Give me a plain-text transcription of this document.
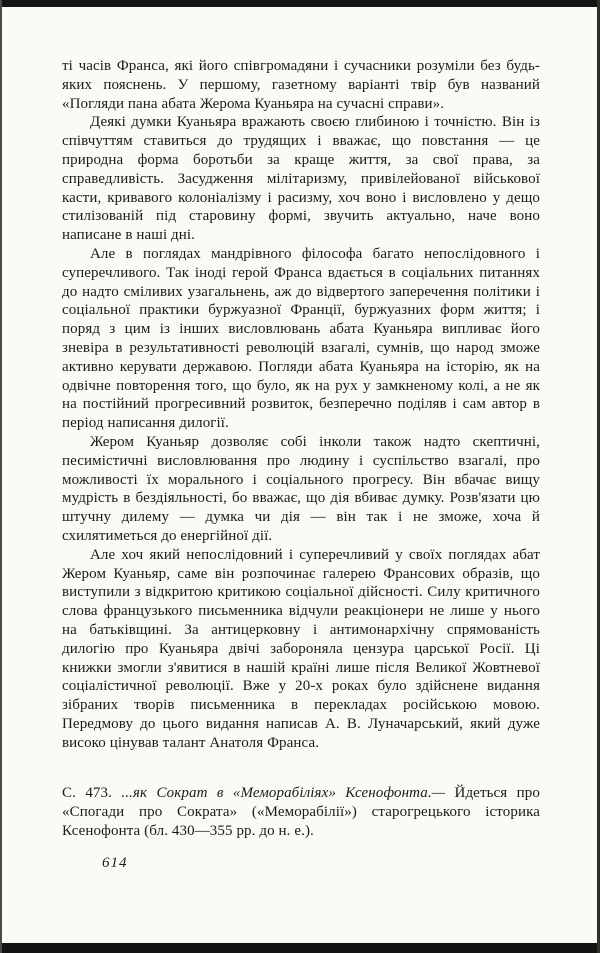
ті часів Франса, які його співгромадяни і сучасники розуміли без будь-яких пояснень. У першому, газетному варіанті твір був названий «Погляди пана абата Жерома Куаньяра на сучасні справи».

Деякі думки Куаньяра вражають своєю глибиною і точністю. Він із співчуттям ставиться до трудящих і вважає, що повстання — це природна форма боротьби за краще життя, за свої права, за справедливість. Засудження мілітаризму, привілейованої військової касти, кривавого колоніалізму і расизму, хоч воно і висловлено у дещо стилізованій під старовину формі, звучить актуально, наче воно написане в наші дні.

Але в поглядах мандрівного філософа багато непослідовного і суперечливого. Так іноді герой Франса вдається в соціальних питаннях до надто сміливих узагальнень, аж до відвертого заперечення політики і соціальної практики буржуазної Франції, буржуазних форм життя; і поряд з цим із інших висловлювань абата Куаньяра випливає його зневіра в результативності революцій взагалі, сумнів, що народ зможе активно керувати державою. Погляди абата Куаньяра на історію, як на одвічне повторення того, що було, як на рух у замкненому колі, а не як на постійний прогресивний розвиток, безперечно поділяв і сам автор в період написання дилогії.

Жером Куаньяр дозволяє собі інколи також надто скептичні, песимістичні висловлювання про людину і суспільство взагалі, про можливості їх морального і соціального прогресу. Він вбачає вищу мудрість в бездіяльності, бо вважає, що дія вбиває думку. Розв'язати цю штучну дилему — думка чи дія — він так і не зможе, хоча й схилятиметься до енергійної дії.

Але хоч який непослідовний і суперечливий у своїх поглядах абат Жером Куаньяр, саме він розпочинає галерею Франсових образів, що виступили з відкритою критикою соціальної дійсності. Силу критичного слова французького письменника відчули реакціонери не лише у нього на батьківщині. За антицерковну і антимонархічну спрямованість дилогію про Куаньяра двічі забороняла цензура царської Росії. Ці книжки змогли з'явитися в нашій країні лише після Великої Жовтневої соціалістичної революції. Вже у 20-х роках було здійснене видання зібраних творів письменника в перекладах російською мовою. Передмову до цього видання написав А. В. Луначарський, який дуже високо цінував талант Анатоля Франса.

С. 473. ...як Сократ в «Меморабіліях» Ксенофонта.— Йдеться про «Спогади про Сократа» («Меморабілії») старогрецького історика Ксенофонта (бл. 430—355 рр. до н. е.).

614
